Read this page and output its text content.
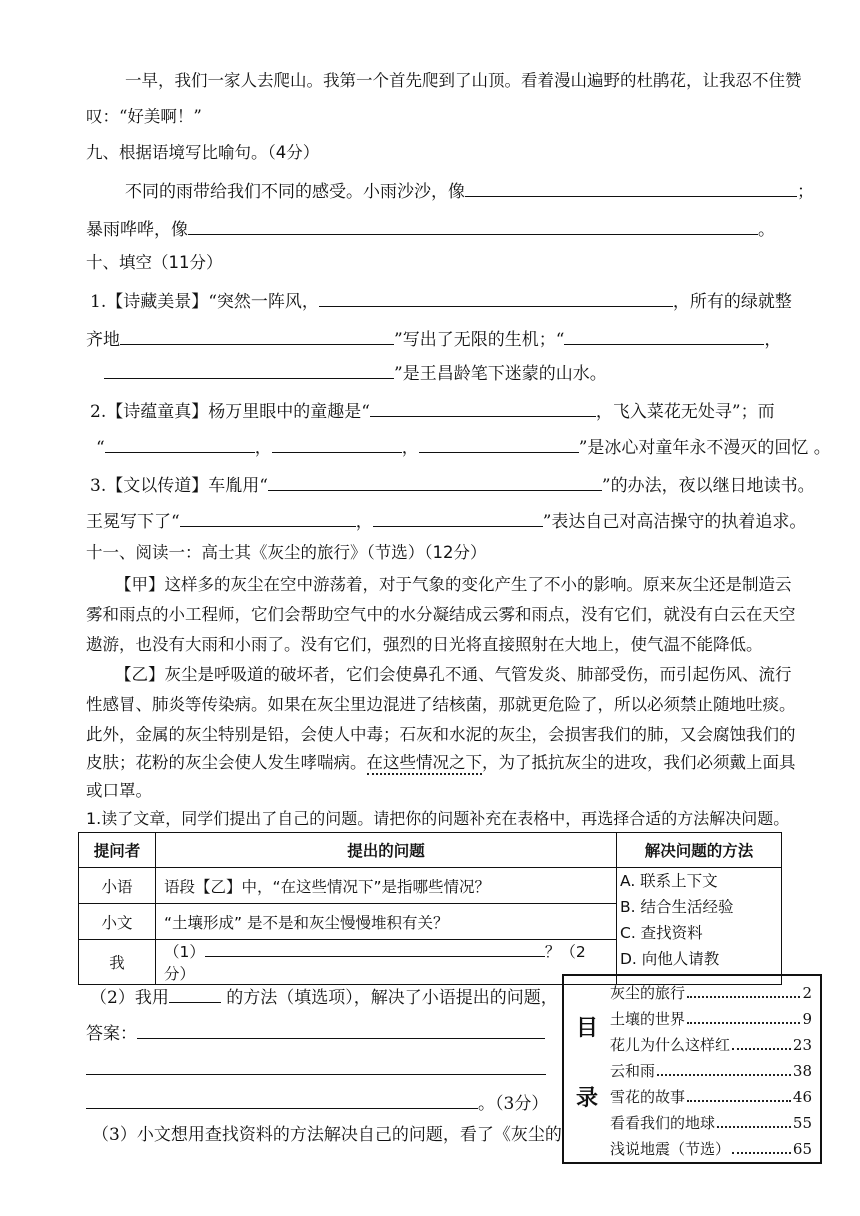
一早，我们一家人去爬山。我第一个首先爬到了山顶。看着漫山遍野的杜鹃花，让我忍不住赞
叹：“好美啊！”
九、根据语境写比喻句。（4分）
不同的雨带给我们不同的感受。小雨沙沙，像	；
暴雨哗哗，像	。
十、填空（11分）
1.【诗藏美景】“突然一阵风，	，所有的绿就整
齐地	”写出了无限的生机；“	，
”是王昌龄笔下迷蒙的山水。
2.【诗蕴童真】杨万里眼中的童趣是“	，飞入菜花无处寻”；而
“	，	，	”是冰心对童年永不漫灭的回忆 。
3.【文以传道】车胤用“	”的办法，夜以继日地读书。
王冕写下了“	，	”表达自己对高洁操守的执着追求。
十一、阅读一：高士其《灰尘的旅行》（节选）（12分）
【甲】这样多的灰尘在空中游荡着，对于气象的变化产生了不小的影响。原来灰尘还是制造云
雾和雨点的小工程师，它们会帮助空气中的水分凝结成云雾和雨点，没有它们，就没有白云在天空
遨游，也没有大雨和小雨了。没有它们，强烈的日光将直接照射在大地上，使气温不能降低。
【乙】灰尘是呼吸道的破坏者，它们会使鼻孔不通、气管发炎、肺部受伤，而引起伤风、流行
性感冒、肺炎等传染病。如果在灰尘里边混进了结核菌，那就更危险了，所以必须禁止随地吐痰。
此外，金属的灰尘特别是铅，会使人中毒；石灰和水泥的灰尘，会损害我们的肺，又会腐蚀我们的
皮肤；花粉的灰尘会使人发生哮喘病。在这些情况之下，为了抵抗灰尘的进攻，我们必须戴上面具
或口罩。
1.读了文章，同学们提出了自己的问题。请把你的问题补充在表格中，再选择合适的方法解决问题。
提问者	提出的问题	解决问题的方法
小语	语段【乙】中，“在这些情况下”是指哪些情况？	
小文	“土壤形成” 是不是和灰尘慢慢堆积有关？	
我	（1） ？（2分）	
A. 联系上下文
B. 结合生活经验
C. 查找资料
D. 向他人请教
（2）我用	的方法（填选项），解决了小语提出的问题，
答案：
。（3分）
（3）小文想用查找资料的方法解决自己的问题，看了《灰尘的
目
录
灰尘的旅行	2
土壤的世界	9
花儿为什么这样红	23
云和雨	38
雪花的故事	46
看看我们的地球	55
浅说地震（节选）	65
